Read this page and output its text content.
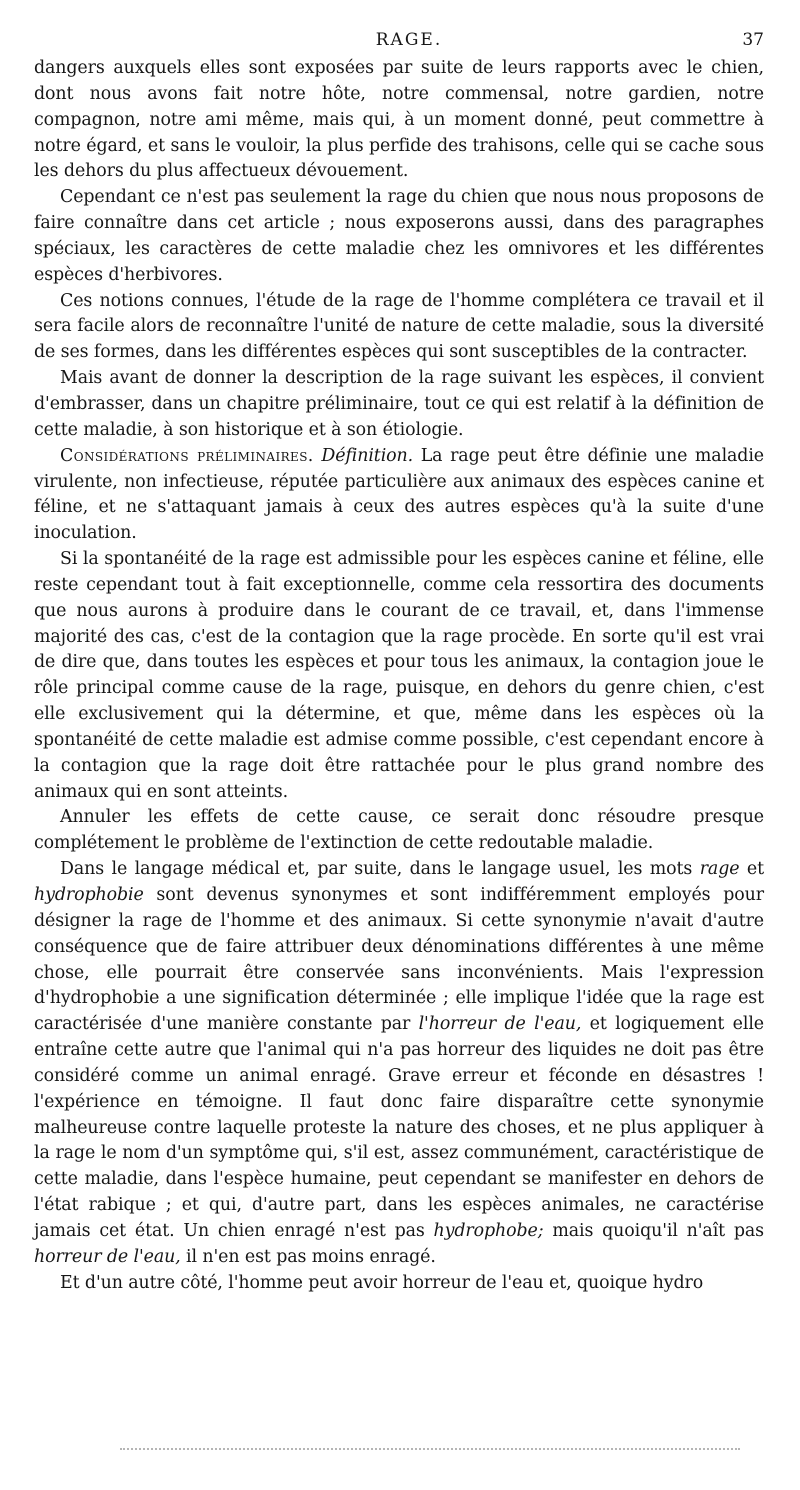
RAGE.	37

dangers auxquels elles sont exposées par suite de leurs rapports avec le chien, dont nous avons fait notre hôte, notre commensal, notre gardien, notre compagnon, notre ami même, mais qui, à un moment donné, peut commettre à notre égard, et sans le vouloir, la plus perfide des trahisons, celle qui se cache sous les dehors du plus affectueux dévouement.

Cependant ce n'est pas seulement la rage du chien que nous nous proposons de faire connaître dans cet article ; nous exposerons aussi, dans des paragraphes spéciaux, les caractères de cette maladie chez les omnivores et les différentes espèces d'herbivores.

Ces notions connues, l'étude de la rage de l'homme complétera ce travail et il sera facile alors de reconnaître l'unité de nature de cette maladie, sous la diversité de ses formes, dans les différentes espèces qui sont susceptibles de la contracter.

Mais avant de donner la description de la rage suivant les espèces, il convient d'embrasser, dans un chapitre préliminaire, tout ce qui est relatif à la définition de cette maladie, à son historique et à son étiologie.

Considérations préliminaires. Définition. La rage peut être définie une maladie virulente, non infectieuse, réputée particulière aux animaux des espèces canine et féline, et ne s'attaquant jamais à ceux des autres espèces qu'à la suite d'une inoculation.

Si la spontanéité de la rage est admissible pour les espèces canine et féline, elle reste cependant tout à fait exceptionnelle, comme cela ressortira des documents que nous aurons à produire dans le courant de ce travail, et, dans l'immense majorité des cas, c'est de la contagion que la rage procède. En sorte qu'il est vrai de dire que, dans toutes les espèces et pour tous les animaux, la contagion joue le rôle principal comme cause de la rage, puisque, en dehors du genre chien, c'est elle exclusivement qui la détermine, et que, même dans les espèces où la spontanéité de cette maladie est admise comme possible, c'est cependant encore à la contagion que la rage doit être rattachée pour le plus grand nombre des animaux qui en sont atteints.

Annuler les effets de cette cause, ce serait donc résoudre presque complétement le problème de l'extinction de cette redoutable maladie.

Dans le langage médical et, par suite, dans le langage usuel, les mots rage et hydrophobie sont devenus synonymes et sont indifféremment employés pour désigner la rage de l'homme et des animaux. Si cette synonymie n'avait d'autre conséquence que de faire attribuer deux dénominations différentes à une même chose, elle pourrait être conservée sans inconvénients. Mais l'expression d'hydrophobie a une signification déterminée ; elle implique l'idée que la rage est caractérisée d'une manière constante par l'horreur de l'eau, et logiquement elle entraîne cette autre que l'animal qui n'a pas horreur des liquides ne doit pas être considéré comme un animal enragé. Grave erreur et féconde en désastres ! l'expérience en témoigne. Il faut donc faire disparaître cette synonymie malheureuse contre laquelle proteste la nature des choses, et ne plus appliquer à la rage le nom d'un symptôme qui, s'il est, assez communément, caractéristique de cette maladie, dans l'espèce humaine, peut cependant se manifester en dehors de l'état rabique ; et qui, d'autre part, dans les espèces animales, ne caractérise jamais cet état. Un chien enragé n'est pas hydrophobe; mais quoiqu'il n'aît pas horreur de l'eau, il n'en est pas moins enragé.

Et d'un autre côté, l'homme peut avoir horreur de l'eau et, quoique hydro
